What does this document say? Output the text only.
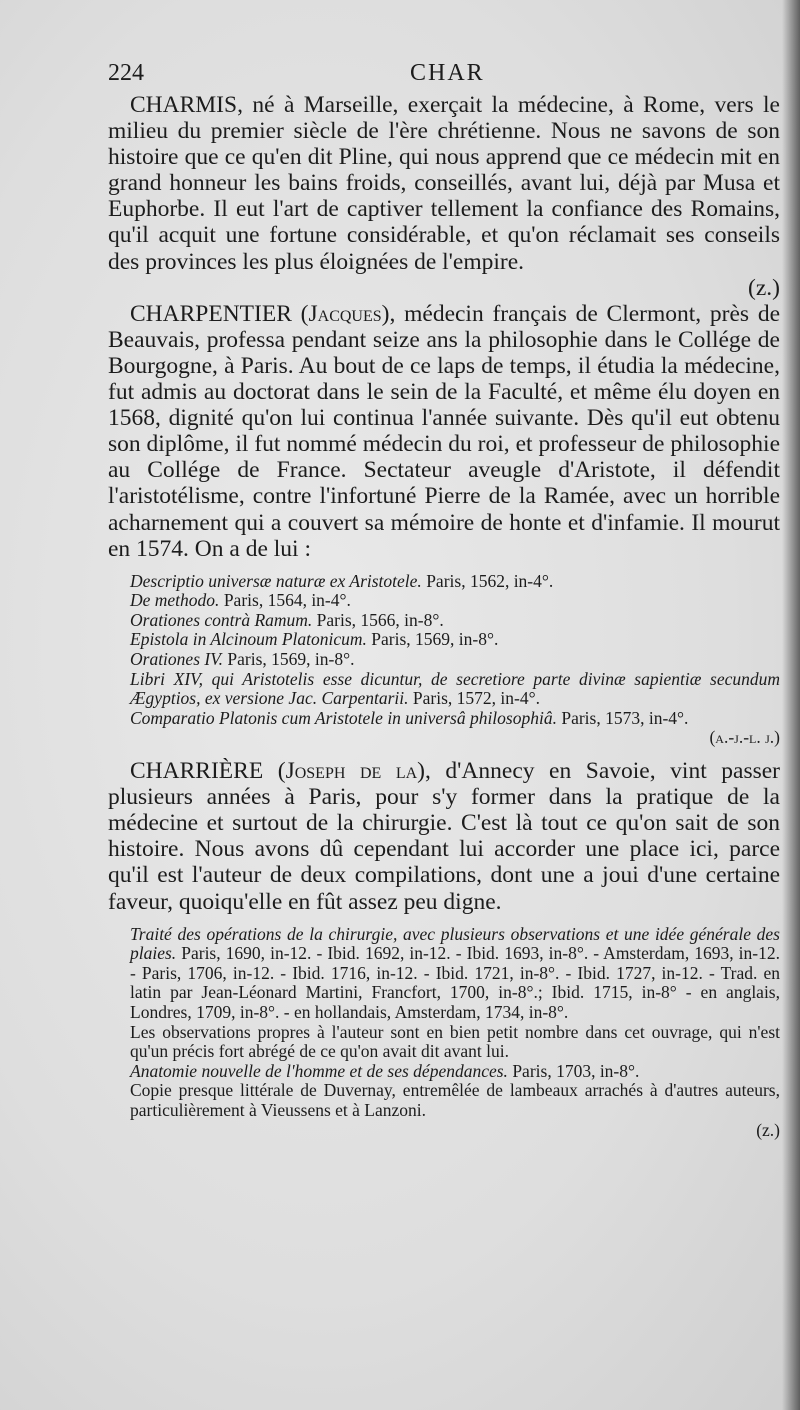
224	CHAR

CHARMIS, né à Marseille, exerçait la médecine, à Rome, vers le milieu du premier siècle de l'ère chrétienne. Nous ne savons de son histoire que ce qu'en dit Pline, qui nous apprend que ce médecin mit en grand honneur les bains froids, conseillés, avant lui, déjà par Musa et Euphorbe. Il eut l'art de captiver tellement la confiance des Romains, qu'il acquit une fortune considérable, et qu'on réclamait ses conseils des provinces les plus éloignées de l'empire.
(z.)

CHARPENTIER (Jacques), médecin français de Clermont, près de Beauvais, professa pendant seize ans la philosophie dans le Collége de Bourgogne, à Paris. Au bout de ce laps de temps, il étudia la médecine, fut admis au doctorat dans le sein de la Faculté, et même élu doyen en 1568, dignité qu'on lui continua l'année suivante. Dès qu'il eut obtenu son diplôme, il fut nommé médecin du roi, et professeur de philosophie au Collége de France. Sectateur aveugle d'Aristote, il défendit l'aristotélisme, contre l'infortuné Pierre de la Ramée, avec un horrible acharnement qui a couvert sa mémoire de honte et d'infamie. Il mourut en 1574. On a de lui :

Descriptio universæ naturæ ex Aristotele. Paris, 1562, in-4°.

De methodo. Paris, 1564, in-4°.

Orationes contrà Ramum. Paris, 1566, in-8°.

Epistola in Alcinoum Platonicum. Paris, 1569, in-8°.

Orationes IV. Paris, 1569, in-8°.

Libri XIV, qui Aristotelis esse dicuntur, de secretiore parte divinæ sapientiæ secundum Ægyptios, ex versione Jac. Carpentarii. Paris, 1572, in-4°.

Comparatio Platonis cum Aristotele in universâ philosophiâ. Paris, 1573, in-4°.
(a.-j.-l. j.)

CHARRIÈRE (Joseph de la), d'Annecy en Savoie, vint passer plusieurs années à Paris, pour s'y former dans la pratique de la médecine et surtout de la chirurgie. C'est là tout ce qu'on sait de son histoire. Nous avons dû cependant lui accorder une place ici, parce qu'il est l'auteur de deux compilations, dont une a joui d'une certaine faveur, quoiqu'elle en fût assez peu digne.

Traité des opérations de la chirurgie, avec plusieurs observations et une idée générale des plaies. Paris, 1690, in-12. - Ibid. 1692, in-12. - Ibid. 1693, in-8°. - Amsterdam, 1693, in-12. - Paris, 1706, in-12. - Ibid. 1716, in-12. - Ibid. 1721, in-8°. - Ibid. 1727, in-12. - Trad. en latin par Jean-Léonard Martini, Francfort, 1700, in-8°.; Ibid. 1715, in-8° - en anglais, Londres, 1709, in-8°. - en hollandais, Amsterdam, 1734, in-8°.

Les observations propres à l'auteur sont en bien petit nombre dans cet ouvrage, qui n'est qu'un précis fort abrégé de ce qu'on avait dit avant lui.

Anatomie nouvelle de l'homme et de ses dépendances. Paris, 1703, in-8°.

Copie presque littérale de Duvernay, entremêlée de lambeaux arrachés à d'autres auteurs, particulièrement à Vieussens et à Lanzoni.

(z.)
